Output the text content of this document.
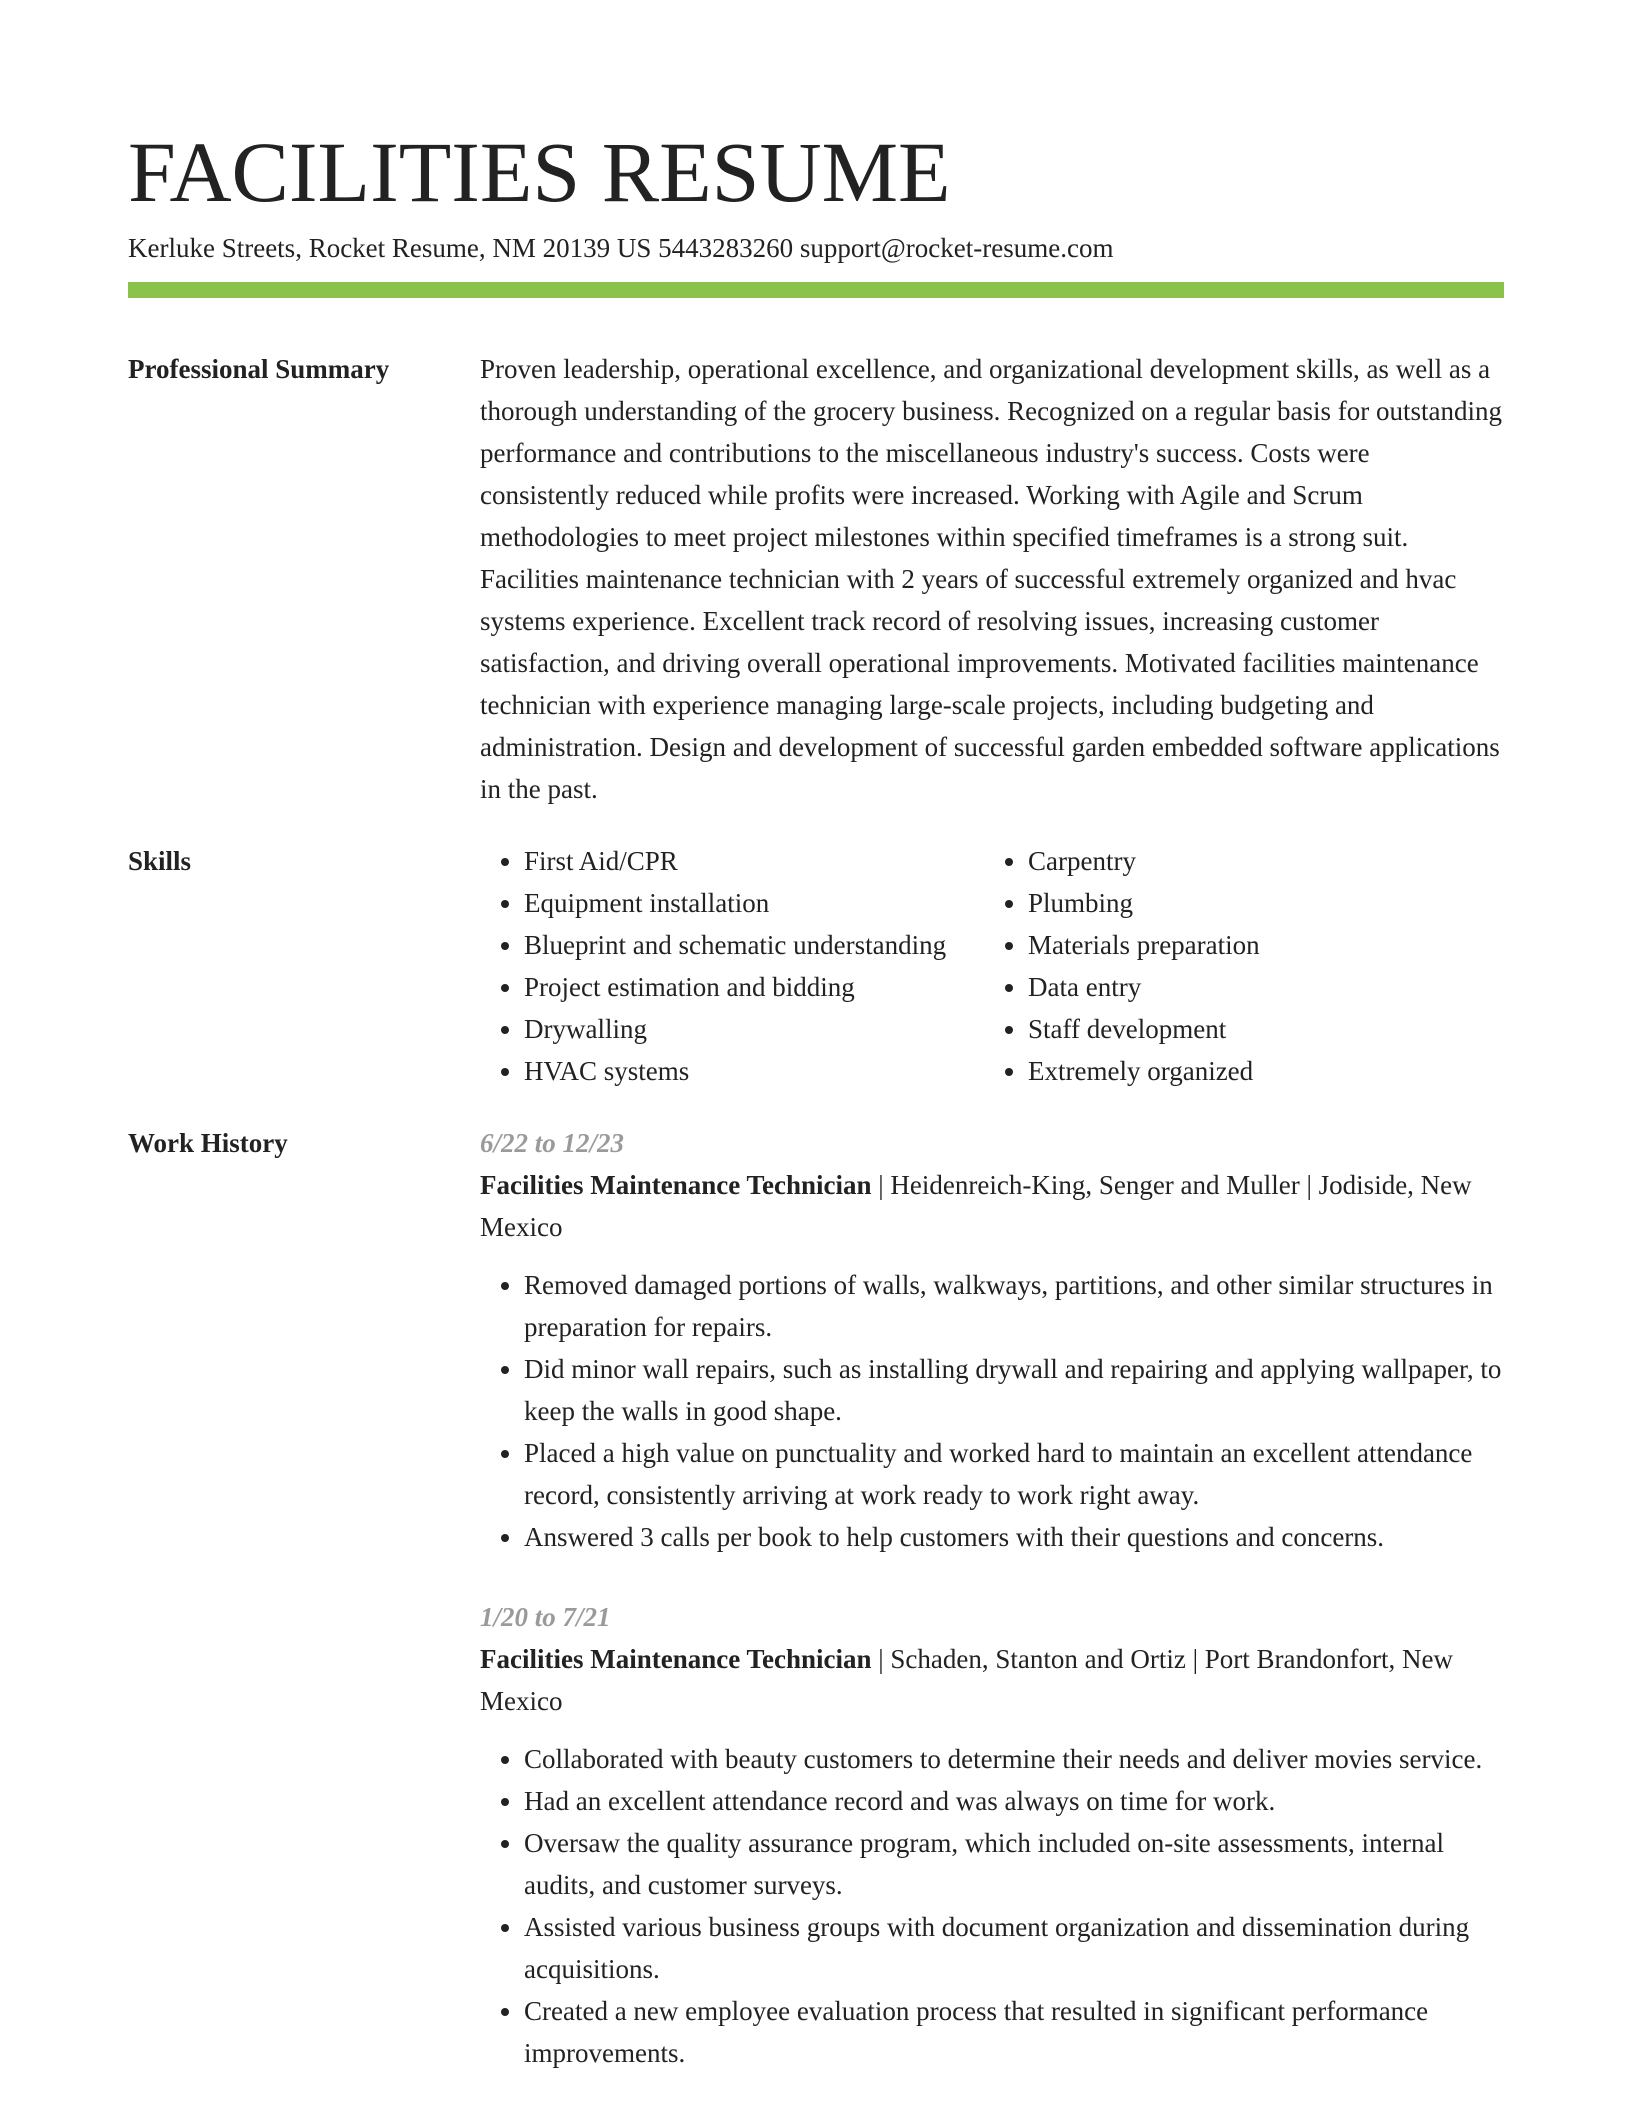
FACILITIES RESUME
Kerluke Streets, Rocket Resume, NM 20139 US 5443283260 support@rocket-resume.com
Professional Summary	Proven leadership, operational excellence, and organizational development skills, as well as a thorough understanding of the grocery business. Recognized on a regular basis for outstanding performance and contributions to the miscellaneous industry's success. Costs were consistently reduced while profits were increased. Working with Agile and Scrum methodologies to meet project milestones within specified timeframes is a strong suit. Facilities maintenance technician with 2 years of successful extremely organized and hvac systems experience. Excellent track record of resolving issues, increasing customer satisfaction, and driving overall operational improvements. Motivated facilities maintenance technician with experience managing large-scale projects, including budgeting and administration. Design and development of successful garden embedded software applications in the past.
Skills
•	First Aid/CPR
• Equipment installation
• Blueprint and schematic understanding
• Project estimation and bidding
• Drywalling
• HVAC systems
• Carpentry
• Plumbing
• Materials preparation
• Data entry
• Staff development
• Extremely organized
Work History	6/22 to 12/23
Facilities Maintenance Technician | Heidenreich-King, Senger and Muller | Jodiside, New Mexico
• Removed damaged portions of walls, walkways, partitions, and other similar structures in preparation for repairs.
• Did minor wall repairs, such as installing drywall and repairing and applying wallpaper, to keep the walls in good shape.
• Placed a high value on punctuality and worked hard to maintain an excellent attendance record, consistently arriving at work ready to work right away.
• Answered 3 calls per book to help customers with their questions and concerns.
1/20 to 7/21
Facilities Maintenance Technician | Schaden, Stanton and Ortiz | Port Brandonfort, New Mexico
• Collaborated with beauty customers to determine their needs and deliver movies service.
• Had an excellent attendance record and was always on time for work.
• Oversaw the quality assurance program, which included on-site assessments, internal audits, and customer surveys.
• Assisted various business groups with document organization and dissemination during acquisitions.
• Created a new employee evaluation process that resulted in significant performance improvements.
